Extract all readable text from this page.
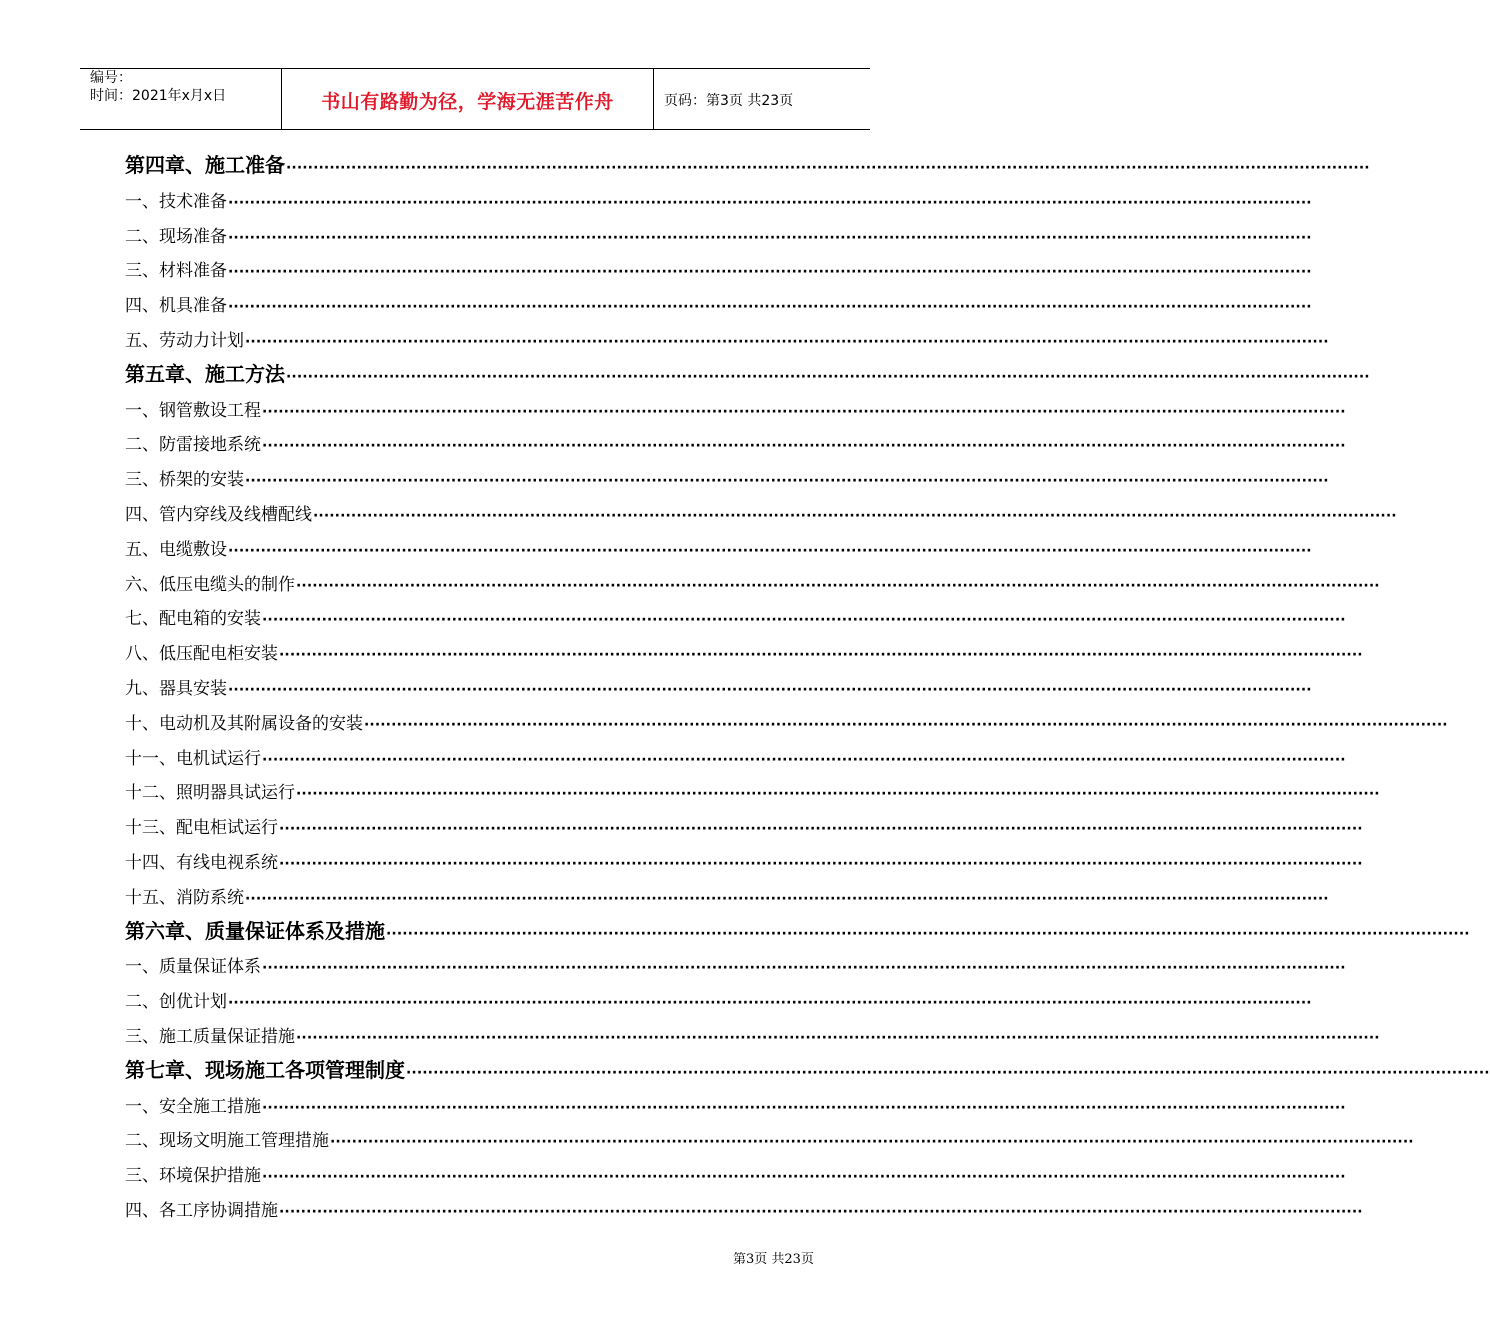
编号：
时间：2021年x月x日	书山有路勤为径，学海无涯苦作舟	页码：第3页 共23页
第四章、施工准备 ········································································································································································································
一、技术准备 ········································································································································································································
二、现场准备 ········································································································································································································
三、材料准备 ········································································································································································································
四、机具准备 ········································································································································································································
五、劳动力计划 ········································································································································································································
第五章、施工方法 ········································································································································································································
一、钢管敷设工程 ········································································································································································································
二、防雷接地系统 ········································································································································································································
三、桥架的安装 ········································································································································································································
四、管内穿线及线槽配线 ········································································································································································································
五、电缆敷设 ········································································································································································································
六、低压电缆头的制作 ········································································································································································································
七、配电箱的安装 ········································································································································································································
八、低压配电柜安装 ········································································································································································································
九、器具安装 ········································································································································································································
十、电动机及其附属设备的安装 ········································································································································································································
十一、电机试运行 ········································································································································································································
十二、照明器具试运行 ········································································································································································································
十三、配电柜试运行 ········································································································································································································
十四、有线电视系统 ········································································································································································································
十五、消防系统 ········································································································································································································
第六章、质量保证体系及措施 ········································································································································································································
一、质量保证体系 ········································································································································································································
二、创优计划 ········································································································································································································
三、施工质量保证措施 ········································································································································································································
第七章、现场施工各项管理制度 ········································································································································································································
一、安全施工措施 ········································································································································································································
二、现场文明施工管理措施 ········································································································································································································
三、环境保护措施 ········································································································································································································
四、各工序协调措施 ········································································································································································································
第3页 共23页
